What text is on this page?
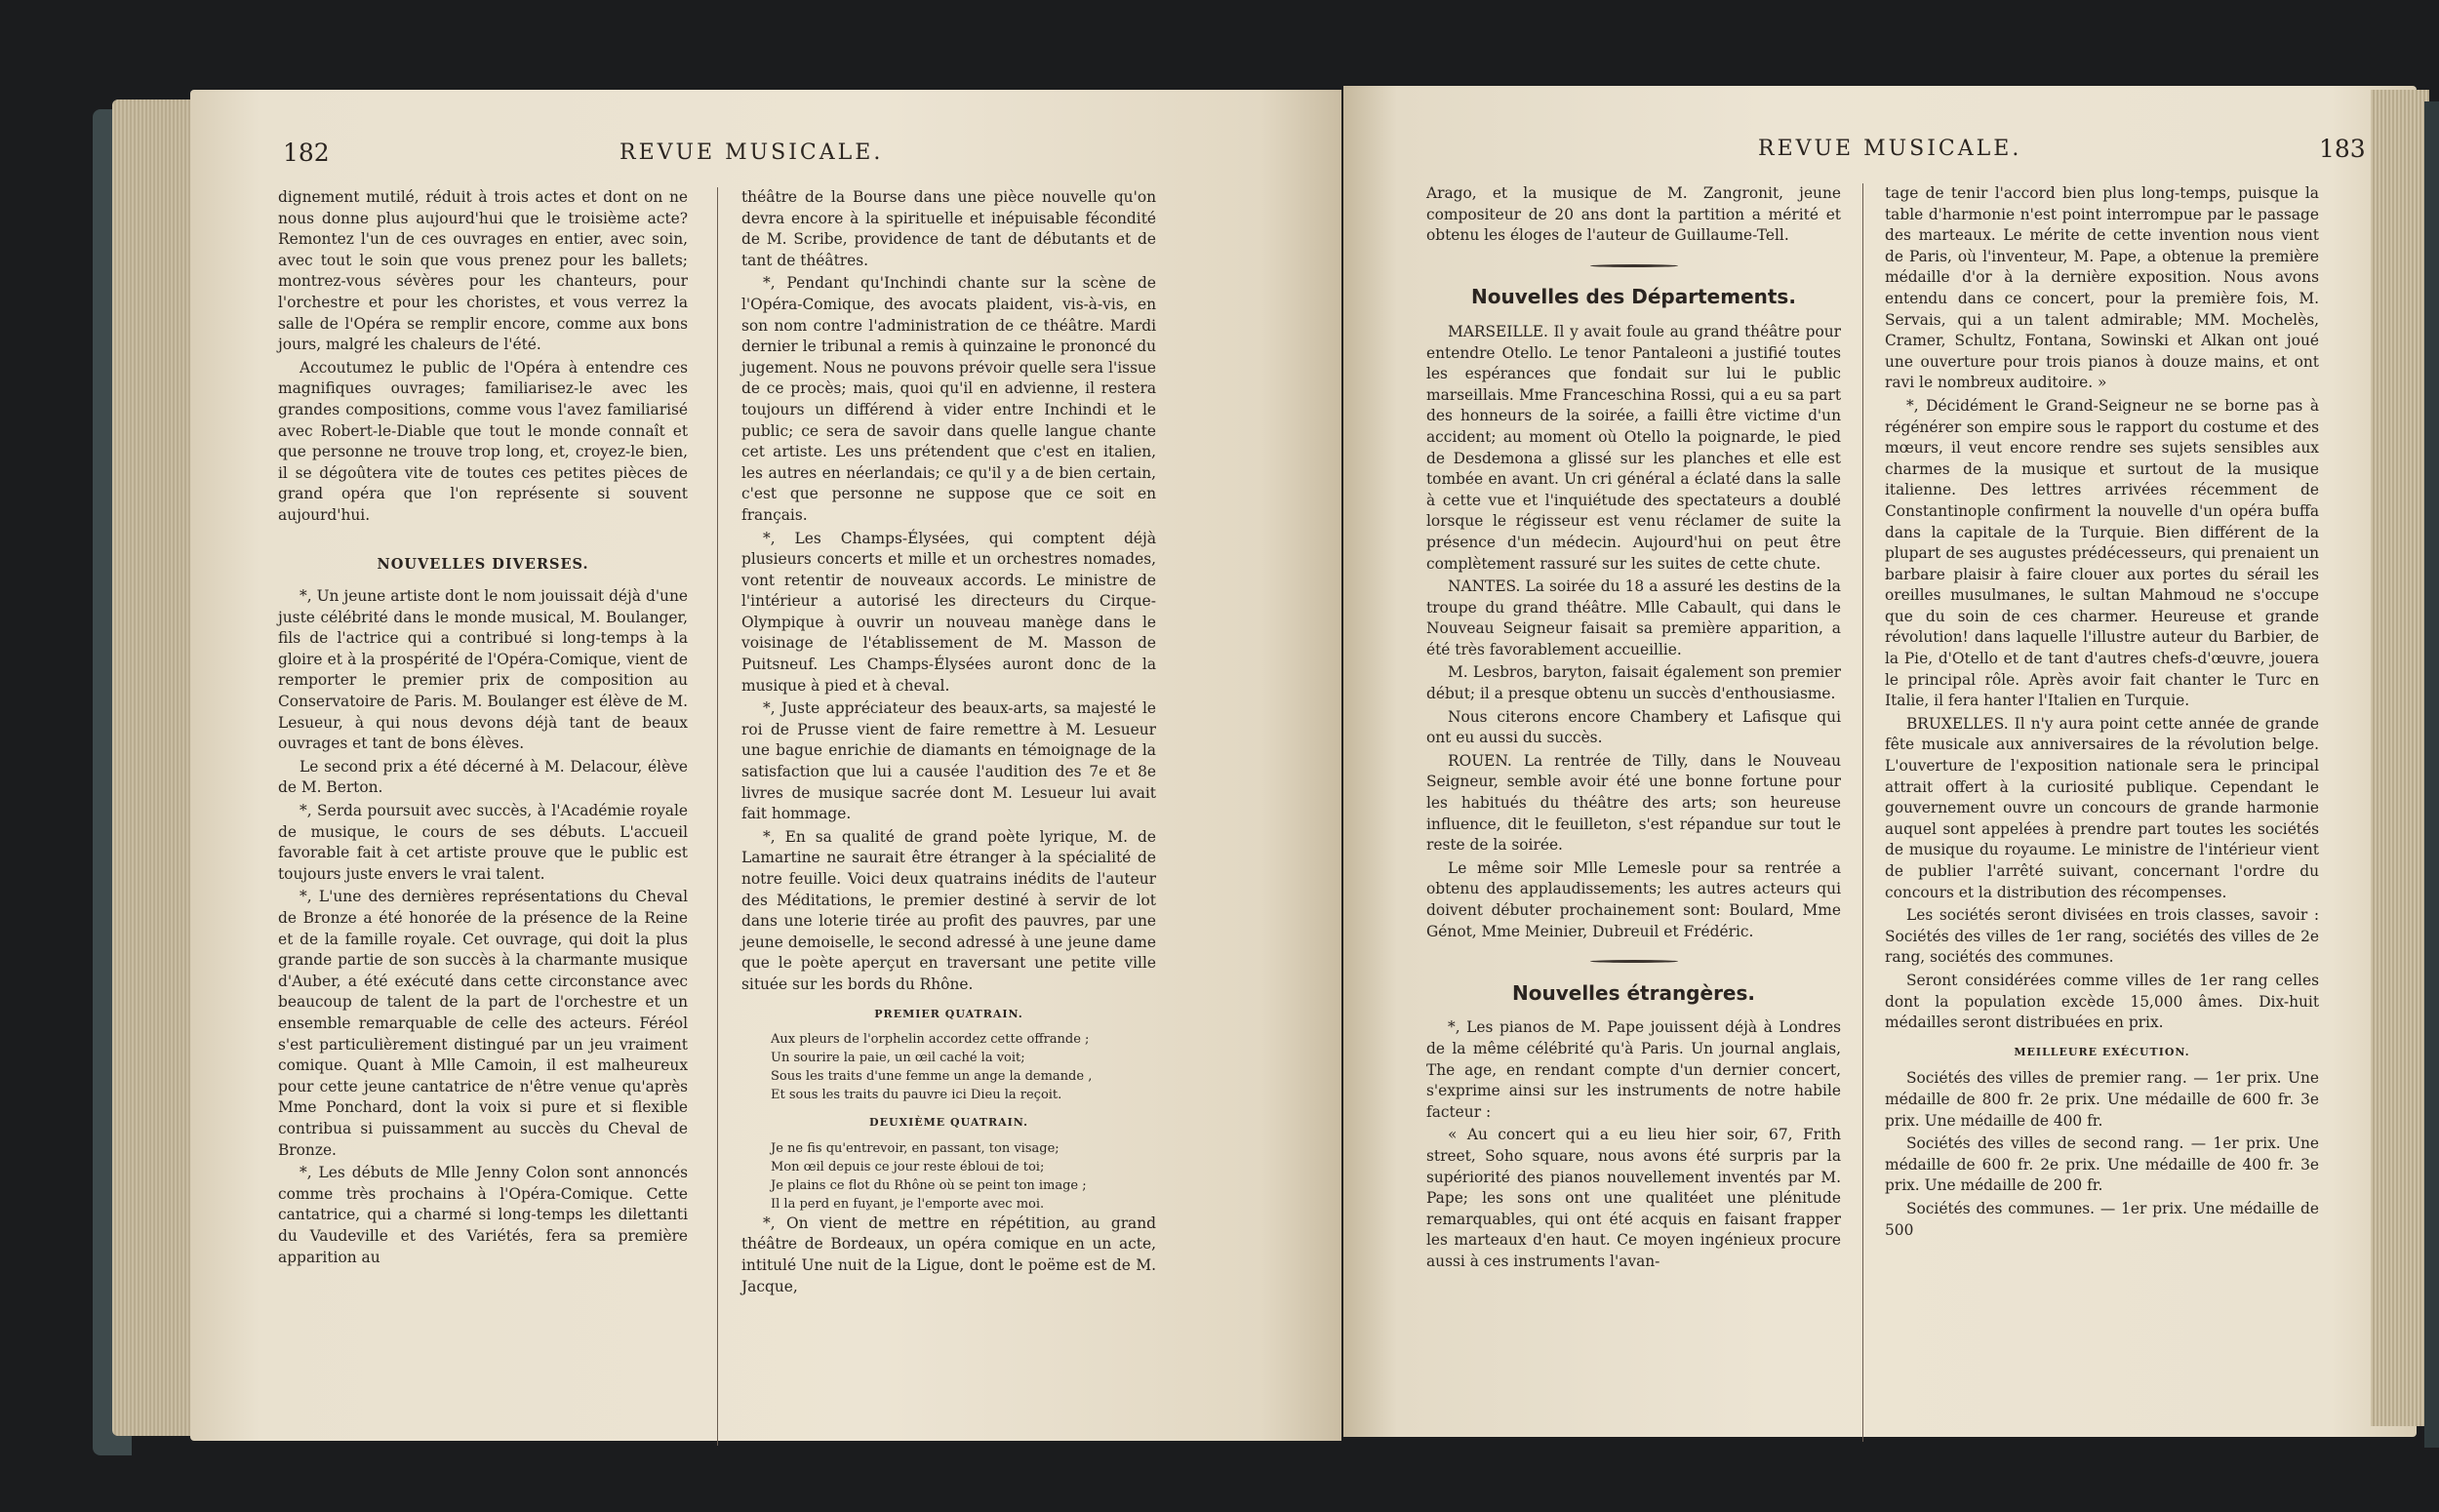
182	REVUE MUSICALE.

dignement mutilé, réduit à trois actes et dont on ne nous donne plus aujourd'hui que le troisième acte? Remontez l'un de ces ouvrages en entier, avec soin, avec tout le soin que vous prenez pour les ballets; montrez-vous sévères pour les chanteurs, pour l'orchestre et pour les choristes, et vous verrez la salle de l'Opéra se remplir encore, comme aux bons jours, malgré les chaleurs de l'été.

Accoutumez le public de l'Opéra à entendre ces magnifiques ouvrages; familiarisez-le avec les grandes compositions, comme vous l'avez familiarisé avec Robert-le-Diable que tout le monde connaît et que personne ne trouve trop long, et, croyez-le bien, il se dégoûtera vite de toutes ces petites pièces de grand opéra que l'on représente si souvent aujourd'hui.

NOUVELLES DIVERSES.

*, Un jeune artiste dont le nom jouissait déjà d'une juste célébrité dans le monde musical, M. Boulanger, fils de l'actrice qui a contribué si long-temps à la gloire et à la prospérité de l'Opéra-Comique, vient de remporter le premier prix de composition au Conservatoire de Paris. M. Boulanger est élève de M. Lesueur, à qui nous devons déjà tant de beaux ouvrages et tant de bons élèves.

Le second prix a été décerné à M. Delacour, élève de M. Berton.

*, Serda poursuit avec succès, à l'Académie royale de musique, le cours de ses débuts. L'accueil favorable fait à cet artiste prouve que le public est toujours juste envers le vrai talent.

*, L'une des dernières représentations du Cheval de Bronze a été honorée de la présence de la Reine et de la famille royale. Cet ouvrage, qui doit la plus grande partie de son succès à la charmante musique d'Auber, a été exécuté dans cette circonstance avec beaucoup de talent de la part de l'orchestre et un ensemble remarquable de celle des acteurs. Féréol s'est particulièrement distingué par un jeu vraiment comique. Quant à Mlle Camoin, il est malheureux pour cette jeune cantatrice de n'être venue qu'après Mme Ponchard, dont la voix si pure et si flexible contribua si puissamment au succès du Cheval de Bronze.

*, Les débuts de Mlle Jenny Colon sont annoncés comme très prochains à l'Opéra-Comique. Cette cantatrice, qui a charmé si long-temps les dilettanti du Vaudeville et des Variétés, fera sa première apparition au

théâtre de la Bourse dans une pièce nouvelle qu'on devra encore à la spirituelle et inépuisable fécondité de M. Scribe, providence de tant de débutants et de tant de théâtres.

*, Pendant qu'Inchindi chante sur la scène de l'Opéra-Comique, des avocats plaident, vis-à-vis, en son nom contre l'administration de ce théâtre. Mardi dernier le tribunal a remis à quinzaine le prononcé du jugement. Nous ne pouvons prévoir quelle sera l'issue de ce procès; mais, quoi qu'il en advienne, il restera toujours un différend à vider entre Inchindi et le public; ce sera de savoir dans quelle langue chante cet artiste. Les uns prétendent que c'est en italien, les autres en néerlandais; ce qu'il y a de bien certain, c'est que personne ne suppose que ce soit en français.

*, Les Champs-Élysées, qui comptent déjà plusieurs concerts et mille et un orchestres nomades, vont retentir de nouveaux accords. Le ministre de l'intérieur a autorisé les directeurs du Cirque-Olympique à ouvrir un nouveau manège dans le voisinage de l'établissement de M. Masson de Puitsneuf. Les Champs-Élysées auront donc de la musique à pied et à cheval.

*, Juste appréciateur des beaux-arts, sa majesté le roi de Prusse vient de faire remettre à M. Lesueur une bague enrichie de diamants en témoignage de la satisfaction que lui a causée l'audition des 7e et 8e livres de musique sacrée dont M. Lesueur lui avait fait hommage.

*, En sa qualité de grand poète lyrique, M. de Lamartine ne saurait être étranger à la spécialité de notre feuille. Voici deux quatrains inédits de l'auteur des Méditations, le premier destiné à servir de lot dans une loterie tirée au profit des pauvres, par une jeune demoiselle, le second adressé à une jeune dame que le poète aperçut en traversant une petite ville située sur les bords du Rhône.

PREMIER QUATRAIN.
Aux pleurs de l'orphelin accordez cette offrande ;
Un sourire la paie, un œil caché la voit;
Sous les traits d'une femme un ange la demande ,
Et sous les traits du pauvre ici Dieu la reçoit.
DEUXIÈME QUATRAIN.
Je ne fis qu'entrevoir, en passant, ton visage;
Mon œil depuis ce jour reste ébloui de toi;
Je plains ce flot du Rhône où se peint ton image ;
Il la perd en fuyant, je l'emporte avec moi.

*, On vient de mettre en répétition, au grand théâtre de Bordeaux, un opéra comique en un acte, intitulé Une nuit de la Ligue, dont le poëme est de M. Jacque,

REVUE MUSICALE.	183

Arago, et la musique de M. Zangronit, jeune compositeur de 20 ans dont la partition a mérité et obtenu les éloges de l'auteur de Guillaume-Tell.

Nouvelles des Départements.

MARSEILLE. Il y avait foule au grand théâtre pour entendre Otello. Le tenor Pantaleoni a justifié toutes les espérances que fondait sur lui le public marseillais. Mme Franceschina Rossi, qui a eu sa part des honneurs de la soirée, a failli être victime d'un accident; au moment où Otello la poignarde, le pied de Desdemona a glissé sur les planches et elle est tombée en avant. Un cri général a éclaté dans la salle à cette vue et l'inquiétude des spectateurs a doublé lorsque le régisseur est venu réclamer de suite la présence d'un médecin. Aujourd'hui on peut être complètement rassuré sur les suites de cette chute.

NANTES. La soirée du 18 a assuré les destins de la troupe du grand théâtre. Mlle Cabault, qui dans le Nouveau Seigneur faisait sa première apparition, a été très favorablement accueillie.

M. Lesbros, baryton, faisait également son premier début; il a presque obtenu un succès d'enthousiasme.

Nous citerons encore Chambery et Lafisque qui ont eu aussi du succès.

ROUEN. La rentrée de Tilly, dans le Nouveau Seigneur, semble avoir été une bonne fortune pour les habitués du théâtre des arts; son heureuse influence, dit le feuilleton, s'est répandue sur tout le reste de la soirée.

Le même soir Mlle Lemesle pour sa rentrée a obtenu des applaudissements; les autres acteurs qui doivent débuter prochainement sont: Boulard, Mme Génot, Mme Meinier, Dubreuil et Frédéric.

Nouvelles étrangères.

*, Les pianos de M. Pape jouissent déjà à Londres de la même célébrité qu'à Paris. Un journal anglais, The age, en rendant compte d'un dernier concert, s'exprime ainsi sur les instruments de notre habile facteur :

« Au concert qui a eu lieu hier soir, 67, Frith street, Soho square, nous avons été surpris par la supériorité des pianos nouvellement inventés par M. Pape; les sons ont une qualitéet une plénitude remarquables, qui ont été acquis en faisant frapper les marteaux d'en haut. Ce moyen ingénieux procure aussi à ces instruments l'avan-

tage de tenir l'accord bien plus long-temps, puisque la table d'harmonie n'est point interrompue par le passage des marteaux. Le mérite de cette invention nous vient de Paris, où l'inventeur, M. Pape, a obtenue la première médaille d'or à la dernière exposition. Nous avons entendu dans ce concert, pour la première fois, M. Servais, qui a un talent admirable; MM. Mochelès, Cramer, Schultz, Fontana, Sowinski et Alkan ont joué une ouverture pour trois pianos à douze mains, et ont ravi le nombreux auditoire. »

*, Décidément le Grand-Seigneur ne se borne pas à régénérer son empire sous le rapport du costume et des mœurs, il veut encore rendre ses sujets sensibles aux charmes de la musique et surtout de la musique italienne. Des lettres arrivées récemment de Constantinople confirment la nouvelle d'un opéra buffa dans la capitale de la Turquie. Bien différent de la plupart de ses augustes prédécesseurs, qui prenaient un barbare plaisir à faire clouer aux portes du sérail les oreilles musulmanes, le sultan Mahmoud ne s'occupe que du soin de ces charmer. Heureuse et grande révolution! dans laquelle l'illustre auteur du Barbier, de la Pie, d'Otello et de tant d'autres chefs-d'œuvre, jouera le principal rôle. Après avoir fait chanter le Turc en Italie, il fera hanter l'Italien en Turquie.

BRUXELLES. Il n'y aura point cette année de grande fête musicale aux anniversaires de la révolution belge. L'ouverture de l'exposition nationale sera le principal attrait offert à la curiosité publique. Cependant le gouvernement ouvre un concours de grande harmonie auquel sont appelées à prendre part toutes les sociétés de musique du royaume. Le ministre de l'intérieur vient de publier l'arrêté suivant, concernant l'ordre du concours et la distribution des récompenses.

Les sociétés seront divisées en trois classes, savoir : Sociétés des villes de 1er rang, sociétés des villes de 2e rang, sociétés des communes.

Seront considérées comme villes de 1er rang celles dont la population excède 15,000 âmes. Dix-huit médailles seront distribuées en prix.

MEILLEURE EXÉCUTION.

Sociétés des villes de premier rang. — 1er prix. Une médaille de 800 fr. 2e prix. Une médaille de 600 fr. 3e prix. Une médaille de 400 fr.

Sociétés des villes de second rang. — 1er prix. Une médaille de 600 fr. 2e prix. Une médaille de 400 fr. 3e prix. Une médaille de 200 fr.

Sociétés des communes. — 1er prix. Une médaille de 500
